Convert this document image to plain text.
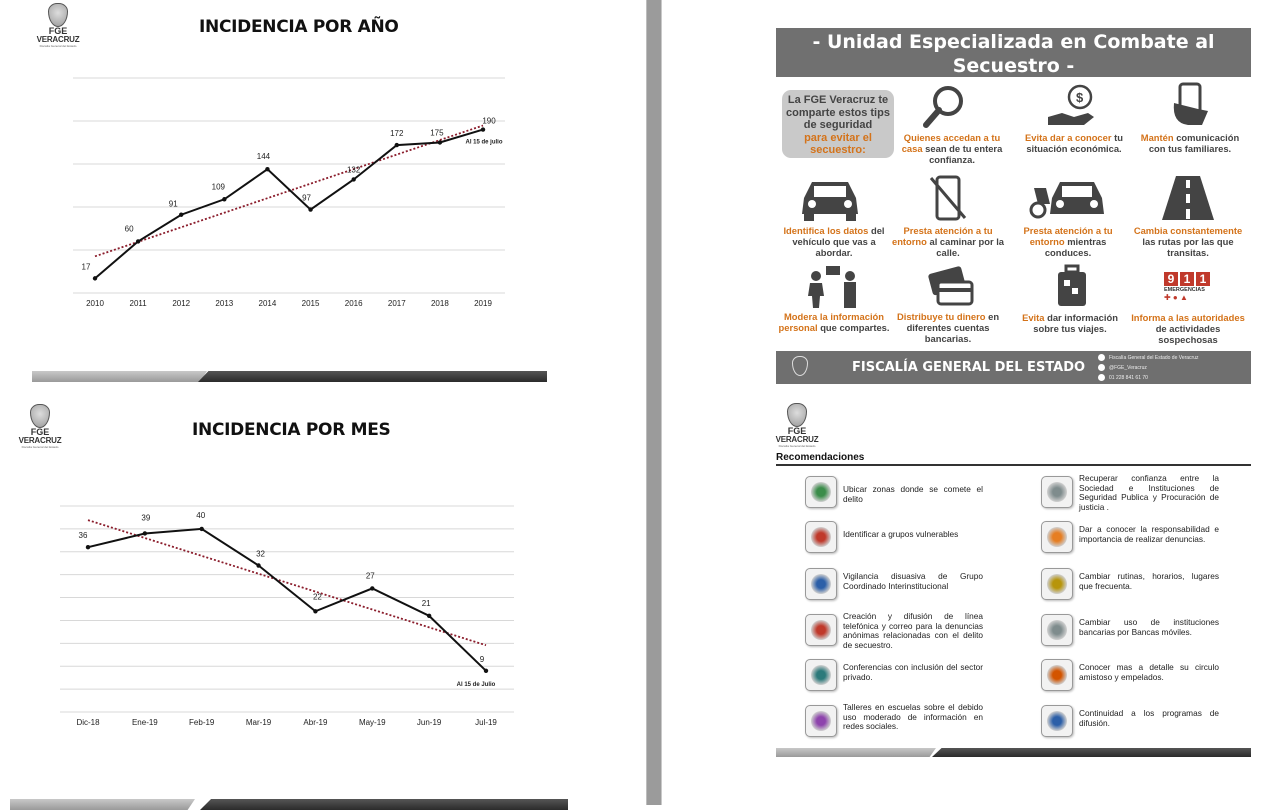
FGE
VERACRUZ
Fiscalía General del Estado
INCIDENCIA POR AÑO
17
2010
60
2011
91
2012
109
2013
144
2014
97
2015
132
2016
172
2017
175
2018
190
2019
Al 15 de julio
FGE
VERACRUZ
Fiscalía General del Estado
INCIDENCIA POR MES
36
Dic-18
39
Ene-19
40
Feb-19
32
Mar-19
22
Abr-19
27
May-19
21
Jun-19
9
Jul-19
Al 15 de Julio
- Unidad Especializada en Combate al Secuestro -
- UECS -
La FGE Veracruz te comparte estos tips de seguridad
para evitar el secuestro:
$
9 1 1
EMERGENCIAS
✚ ● ▲
Quienes accedan a tu casa sean de tu entera confianza.
Evita dar a conocer tu situación económica.
Mantén comunicación con tus familiares.
Identifica los datos del vehículo que vas a abordar.
Presta atención a tu entorno al caminar por la calle.
Presta atención a tu entorno mientras conduces.
Cambia constantemente las rutas por las que transitas.
Modera la información personal que compartes.
Distribuye tu dinero en diferentes cuentas bancarias.
Evita dar información sobre tus viajes.
Informa a las autoridades de actividades sospechosas
FISCALÍA GENERAL DEL ESTADO
Fiscalía General del Estado de Veracruz
@FGE_Veracruz
01 228 841 61 70
FGE
VERACRUZ
Fiscalía General del Estado
Recomendaciones
Ubicar zonas donde se comete el delito
Identificar a grupos vulnerables
Vigilancia disuasiva de Grupo Coordinado Interinstitucional
Creación y difusión de línea telefónica y correo para la denuncias anónimas relacionadas con el delito de secuestro.
Conferencias con inclusión del sector privado.
Talleres en escuelas sobre el debido uso moderado de información en redes sociales.
Recuperar confianza entre la Sociedad e Instituciones de Seguridad Publica y Procuración de justicia .
Dar a conocer la responsabilidad e importancia de realizar denuncias.
Cambiar rutinas, horarios, lugares que frecuenta.
Cambiar uso de instituciones bancarias por Bancas móviles.
Conocer mas a detalle su circulo amistoso y empelados.
Continuidad a los programas de difusión.
